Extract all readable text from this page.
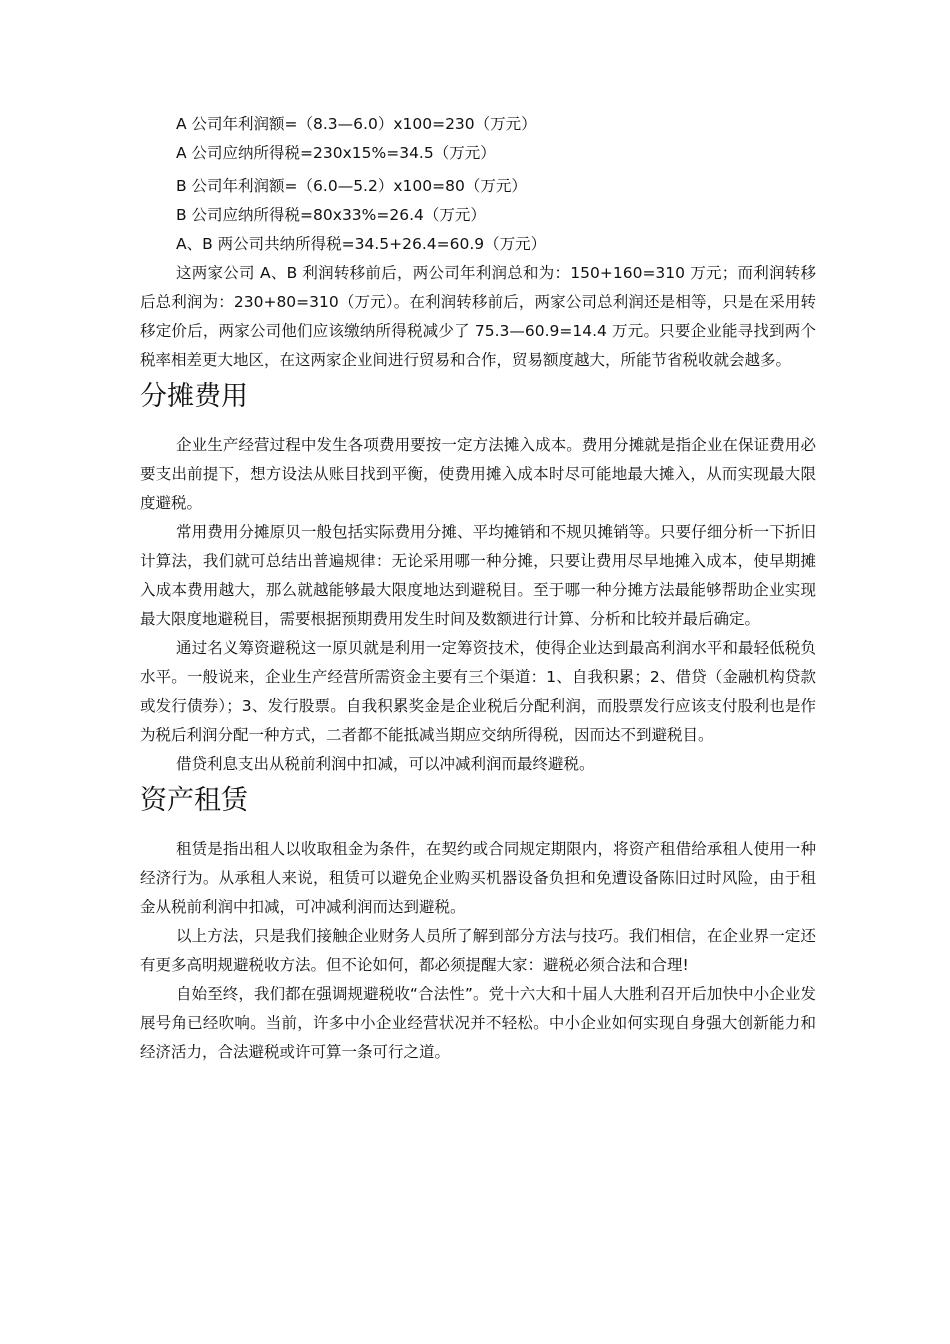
A 公司年利润额=（8.3—6.0）x100=230（万元）
A 公司应纳所得税=230x15%=34.5（万元）
B 公司年利润额=（6.0—5.2）x100=80（万元）
B 公司应纳所得税=80x33%=26.4（万元）
A、B 两公司共纳所得税=34.5+26.4=60.9（万元）

这两家公司 A、B 利润转移前后，两公司年利润总和为：150+160=310 万元；而利润转移后总利润为：230+80=310（万元）。在利润转移前后，两家公司总利润还是相等，只是在采用转移定价后，两家公司他们应该缴纳所得税减少了 75.3—60.9=14.4 万元。只要企业能寻找到两个税率相差更大地区，在这两家企业间进行贸易和合作，贸易额度越大，所能节省税收就会越多。

分摊费用

企业生产经营过程中发生各项费用要按一定方法摊入成本。费用分摊就是指企业在保证费用必要支出前提下，想方设法从账目找到平衡，使费用摊入成本时尽可能地最大摊入，从而实现最大限度避税。

常用费用分摊原贝一般包括实际费用分摊、平均摊销和不规贝摊销等。只要仔细分析一下折旧计算法，我们就可总结出普遍规律：无论采用哪一种分摊，只要让费用尽早地摊入成本，使早期摊入成本费用越大，那么就越能够最大限度地达到避税目。至于哪一种分摊方法最能够帮助企业实现最大限度地避税目，需要根据预期费用发生时间及数额进行计算、分析和比较并最后确定。

通过名义筹资避税这一原贝就是利用一定筹资技术，使得企业达到最高利润水平和最轻低税负水平。一般说来，企业生产经营所需资金主要有三个渠道：1、自我积累；2、借贷（金融机构贷款或发行债券）；3、发行股票。自我积累奖金是企业税后分配利润，而股票发行应该支付股利也是作为税后利润分配一种方式，二者都不能抵减当期应交纳所得税，因而达不到避税目。

借贷利息支出从税前利润中扣减，可以冲减利润而最终避税。

资产租赁

租赁是指出租人以收取租金为条件，在契约或合同规定期限内，将资产租借给承租人使用一种经济行为。从承租人来说，租赁可以避免企业购买机器设备负担和免遭设备陈旧过时风险，由于租金从税前利润中扣减，可冲减利润而达到避税。

以上方法，只是我们接触企业财务人员所了解到部分方法与技巧。我们相信，在企业界一定还有更多高明规避税收方法。但不论如何，都必须提醒大家：避税必须合法和合理!

自始至终，我们都在强调规避税收“合法性”。党十六大和十届人大胜利召开后加快中小企业发展号角已经吹响。当前，许多中小企业经营状况并不轻松。中小企业如何实现自身强大创新能力和经济活力，合法避税或许可算一条可行之道。
